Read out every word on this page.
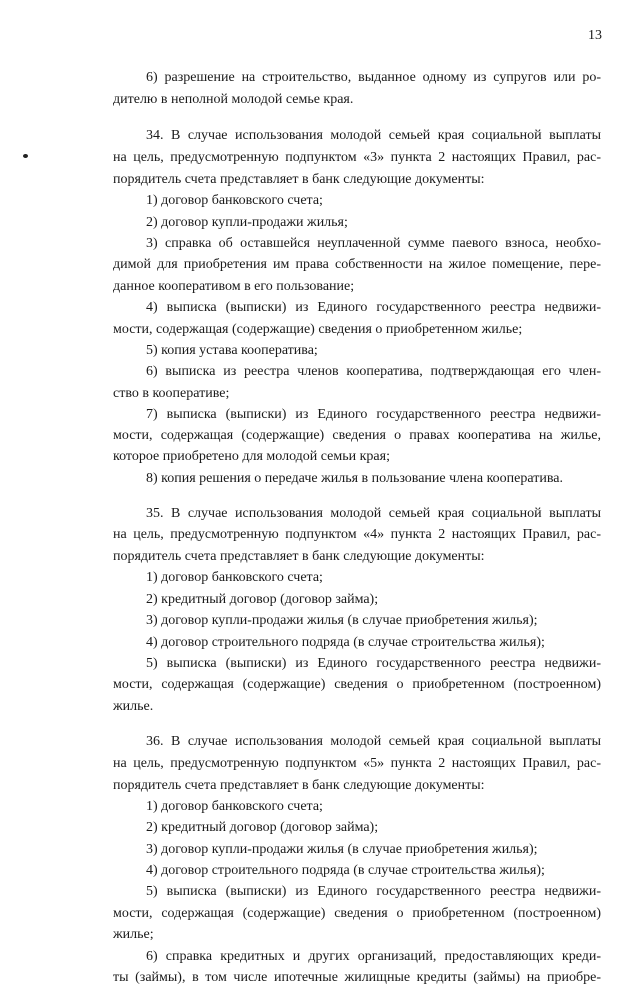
13
6) разрешение на строительство, выданное одному из супругов или ро-
дителю в неполной молодой семье края.
34. В случае использования молодой семьей края социальной выплаты
на цель, предусмотренную подпунктом «3» пункта 2 настоящих Правил, рас-
порядитель счета представляет в банк следующие документы:
1) договор банковского счета;
2) договор купли-продажи жилья;
3) справка об оставшейся неуплаченной сумме паевого взноса, необхо-
димой для приобретения им права собственности на жилое помещение, пере-
данное кооперативом в его пользование;
4) выписка (выписки) из Единого государственного реестра недвижи-
мости, содержащая (содержащие) сведения о приобретенном жилье;
5) копия устава кооператива;
6) выписка из реестра членов кооператива, подтверждающая его член-
ство в кооперативе;
7) выписка (выписки) из Единого государственного реестра недвижи-
мости, содержащая (содержащие) сведения о правах кооператива на жилье,
которое приобретено для молодой семьи края;
8) копия решения о передаче жилья в пользование члена кооператива.
35. В случае использования молодой семьей края социальной выплаты
на цель, предусмотренную подпунктом «4» пункта 2 настоящих Правил, рас-
порядитель счета представляет в банк следующие документы:
1) договор банковского счета;
2) кредитный договор (договор займа);
3) договор купли-продажи жилья (в случае приобретения жилья);
4) договор строительного подряда (в случае строительства жилья);
5) выписка (выписки) из Единого государственного реестра недвижи-
мости, содержащая (содержащие) сведения о приобретенном (построенном)
жилье.
36. В случае использования молодой семьей края социальной выплаты
на цель, предусмотренную подпунктом «5» пункта 2 настоящих Правил, рас-
порядитель счета представляет в банк следующие документы:
1) договор банковского счета;
2) кредитный договор (договор займа);
3) договор купли-продажи жилья (в случае приобретения жилья);
4) договор строительного подряда (в случае строительства жилья);
5) выписка (выписки) из Единого государственного реестра недвижи-
мости, содержащая (содержащие) сведения о приобретенном (построенном)
жилье;
6) справка кредитных и других организаций, предоставляющих креди-
ты (займы), в том числе ипотечные жилищные кредиты (займы) на приобре-
